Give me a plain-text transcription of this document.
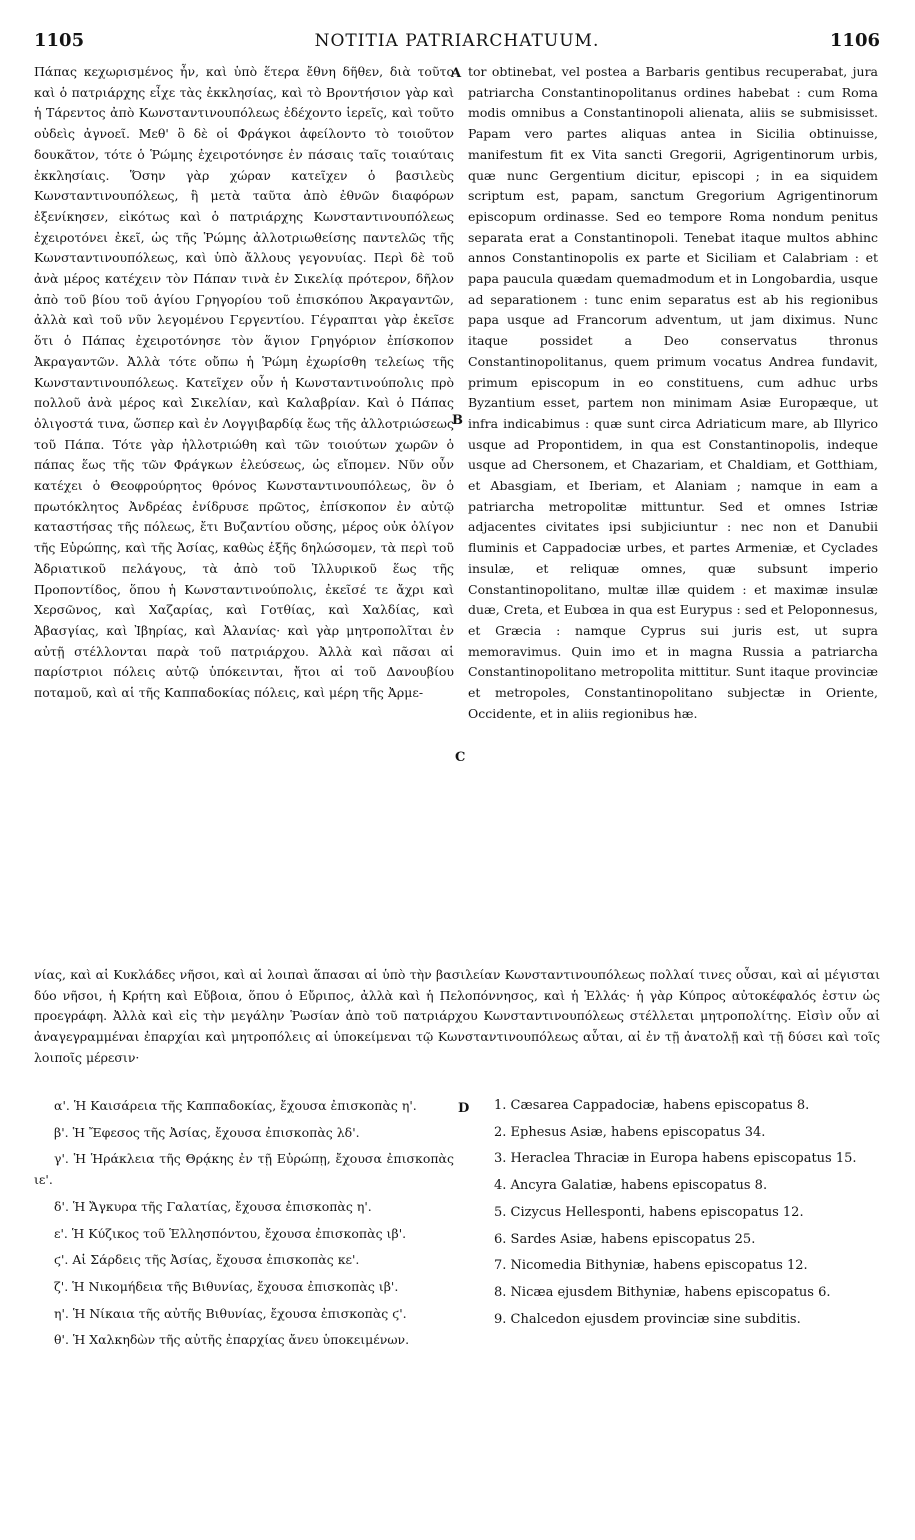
1105	NOTITIA PATRIARCHATUUM.	1106

Πάπας κεχωρισμένος ἦν, καὶ ὑπὸ ἕτερα ἔθνη δῆθεν, διὰ τοῦτο καὶ ὁ πατριάρχης εἶχε τὰς ἐκκλησίας, καὶ τὸ Βροντήσιον γὰρ καὶ ἡ Τάρεντος ἀπὸ Κωνσταντινουπόλεως ἐδέχοντο ἱερεῖς, καὶ τοῦτο οὐδεὶς ἀγνοεῖ. Μεθ' ὃ δὲ οἱ Φράγκοι ἀφείλοντο τὸ τοιοῦτον δουκᾶτον, τότε ὁ Ῥώμης ἐχειροτόνησε ἐν πάσαις ταῖς τοιαύταις ἐκκλησίαις. Ὅσην γὰρ χώραν κατεῖχεν ὁ βασιλεὺς Κωνσταντινουπόλεως, ἣ μετὰ ταῦτα ἀπὸ ἐθνῶν διαφόρων ἐξενίκησεν, εἰκότως καὶ ὁ πατριάρχης Κωνσταντινουπόλεως ἐχειροτόνει ἐκεῖ, ὡς τῆς Ῥώμης ἀλλοτριωθείσης παντελῶς τῆς Κωνσταντινουπόλεως, καὶ ὑπὸ ἄλλους γεγονυίας. Περὶ δὲ τοῦ ἀνὰ μέρος κατέχειν τὸν Πάπαν τινὰ ἐν Σικελίᾳ πρότερον, δῆλον ἀπὸ τοῦ βίου τοῦ ἁγίου Γρηγορίου τοῦ ἐπισκόπου Ἀκραγαντῶν, ἀλλὰ καὶ τοῦ νῦν λεγομένου Γεργεντίου. Γέγραπται γὰρ ἐκεῖσε ὅτι ὁ Πάπας ἐχειροτόνησε τὸν ἅγιον Γρηγόριον ἐπίσκοπον Ἀκραγαντῶν. Ἀλλὰ τότε οὔπω ἡ Ῥώμη ἐχωρίσθη τελείως τῆς Κωνσταντινουπόλεως. Κατεῖχεν οὖν ἡ Κωνσταντινούπολις πρὸ πολλοῦ ἀνὰ μέρος καὶ Σικελίαν, καὶ Καλαβρίαν. Καὶ ὁ Πάπας ὀλιγοστά τινα, ὥσπερ καὶ ἐν Λογγιβαρδίᾳ ἕως τῆς ἀλλοτριώσεως τοῦ Πάπα. Τότε γὰρ ἠλλοτριώθη καὶ τῶν τοιούτων χωρῶν ὁ πάπας ἕως τῆς τῶν Φράγκων ἐλεύσεως, ὡς εἴπομεν. Νῦν οὖν κατέχει ὁ Θεοφρούρητος θρόνος Κωνσταντινουπόλεως, ὃν ὁ πρωτόκλητος Ἀνδρέας ἐνίδρυσε πρῶτος, ἐπίσκοπον ἐν αὐτῷ καταστήσας τῆς πόλεως, ἔτι Βυζαντίου οὔσης, μέρος οὐκ ὀλίγον τῆς Εὐρώπης, καὶ τῆς Ἀσίας, καθὼς ἑξῆς δηλώσομεν, τὰ περὶ τοῦ Ἀδριατικοῦ πελάγους, τὰ ἀπὸ τοῦ Ἰλλυρικοῦ ἕως τῆς Προποντίδος, ὅπου ἡ Κωνσταντινούπολις, ἐκεῖσέ τε ἄχρι καὶ Χερσῶνος, καὶ Χαζαρίας, καὶ Γοτθίας, καὶ Χαλδίας, καὶ Ἀβασγίας, καὶ Ἰβηρίας, καὶ Ἀλανίας· καὶ γὰρ μητροπολῖται ἐν αὐτῇ στέλλονται παρὰ τοῦ πατριάρχου. Ἀλλὰ καὶ πᾶσαι αἱ παρίστριοι πόλεις αὐτῷ ὑπόκεινται, ἤτοι αἱ τοῦ Δανουβίου ποταμοῦ, καὶ αἱ τῆς Καππαδοκίας πόλεις, καὶ μέρη τῆς Ἀρμε-

tor obtinebat, vel postea a Barbaris gentibus recuperabat, jura patriarcha Constantinopolitanus ordines habebat : cum Roma modis omnibus a Constantinopoli alienata, aliis se submisisset. Papam vero partes aliquas antea in Sicilia obtinuisse, manifestum fit ex Vita sancti Gregorii, Agrigentinorum urbis, quæ nunc Gergentium dicitur, episcopi ; in ea siquidem scriptum est, papam, sanctum Gregorium Agrigentinorum episcopum ordinasse. Sed eo tempore Roma nondum penitus separata erat a Constantinopoli. Tenebat itaque multos abhinc annos Constantinopolis ex parte et Siciliam et Calabriam : et papa paucula quædam quemadmodum et in Longobardia, usque ad separationem : tunc enim separatus est ab his regionibus papa usque ad Francorum adventum, ut jam diximus. Nunc itaque possidet a Deo conservatus thronus Constantinopolitanus, quem primum vocatus Andrea fundavit, primum episcopum in eo constituens, cum adhuc urbs Byzantium esset, partem non minimam Asiæ Europæque, ut infra indicabimus : quæ sunt circa Adriaticum mare, ab Illyrico usque ad Propontidem, in qua est Constantinopolis, indeque usque ad Chersonem, et Chazariam, et Chaldiam, et Gotthiam, et Abasgiam, et Iberiam, et Alaniam ; namque in eam a patriarcha metropolitæ mittuntur. Sed et omnes Istriæ adjacentes civitates ipsi subjiciuntur : nec non et Danubii fluminis et Cappadociæ urbes, et partes Armeniæ, et Cyclades insulæ, et reliquæ omnes, quæ subsunt imperio Constantinopolitano, multæ illæ quidem : et maximæ insulæ duæ, Creta, et Eubœa in qua est Eurypus : sed et Peloponnesus, et Græcia : namque Cyprus sui juris est, ut supra memoravimus. Quin imo et in magna Russia a patriarcha Constantinopolitano metropolita mittitur. Sunt itaque provinciæ et metropoles, Constantinopolitano subjectæ in Oriente, Occidente, et in aliis regionibus hæ.

A
B
C
D

νίας, καὶ αἱ Κυκλάδες νῆσοι, καὶ αἱ λοιπαὶ ἅπασαι αἱ ὑπὸ τὴν βασιλείαν Κωνσταντινουπόλεως πολλαί τινες οὖσαι, καὶ αἱ μέγισται δύο νῆσοι, ἡ Κρήτη καὶ Εὔβοια, ὅπου ὁ Εὔριπος, ἀλλὰ καὶ ἡ Πελοπόννησος, καὶ ἡ Ἑλλάς· ἡ γὰρ Κύπρος αὐτοκέφαλός ἐστιν ὡς προεγράφη. Ἀλλὰ καὶ εἰς τὴν μεγάλην Ῥωσίαν ἀπὸ τοῦ πατριάρχου Κωνσταντινουπόλεως στέλλεται μητροπολίτης. Εἰσὶν οὖν αἱ ἀναγεγραμμέναι ἐπαρχίαι καὶ μητροπόλεις αἱ ὑποκείμεναι τῷ Κωνσταντινουπόλεως αὗται, αἱ ἐν τῇ ἀνατολῇ καὶ τῇ δύσει καὶ τοῖς λοιποῖς μέρεσιν·

α'. Ἡ Καισάρεια τῆς Καππαδοκίας, ἔχουσα ἐπισκοπὰς η'.

β'. Ἡ Ἔφεσος τῆς Ἀσίας, ἔχουσα ἐπισκοπὰς λδ'.

γ'. Ἡ Ἡράκλεια τῆς Θρᾴκης ἐν τῇ Εὐρώπῃ, ἔχουσα ἐπισκοπὰς ιε'.

δ'. Ἡ Ἄγκυρα τῆς Γαλατίας, ἔχουσα ἐπισκοπὰς η'.

ε'. Ἡ Κύζικος τοῦ Ἑλλησπόντου, ἔχουσα ἐπισκοπὰς ιβ'.

ϛ'. Αἱ Σάρδεις τῆς Ἀσίας, ἔχουσα ἐπισκοπὰς κε'.

ζ'. Ἡ Νικομήδεια τῆς Βιθυνίας, ἔχουσα ἐπισκοπὰς ιβ'.

η'. Ἡ Νίκαια τῆς αὐτῆς Βιθυνίας, ἔχουσα ἐπισκοπὰς ϛ'.

θ'. Ἡ Χαλκηδὼν τῆς αὐτῆς ἐπαρχίας ἄνευ ὑποκειμένων.

1. Cæsarea Cappadociæ, habens episcopatus 8.

2. Ephesus Asiæ, habens episcopatus 34.

3. Heraclea Thraciæ in Europa habens episcopatus 15.

4. Ancyra Galatiæ, habens episcopatus 8.

5. Cizycus Hellesponti, habens episcopatus 12.

6. Sardes Asiæ, habens episcopatus 25.

7. Nicomedia Bithyniæ, habens episcopatus 12.

8. Nicæa ejusdem Bithyniæ, habens episcopatus 6.

9. Chalcedon ejusdem provinciæ sine subditis.
